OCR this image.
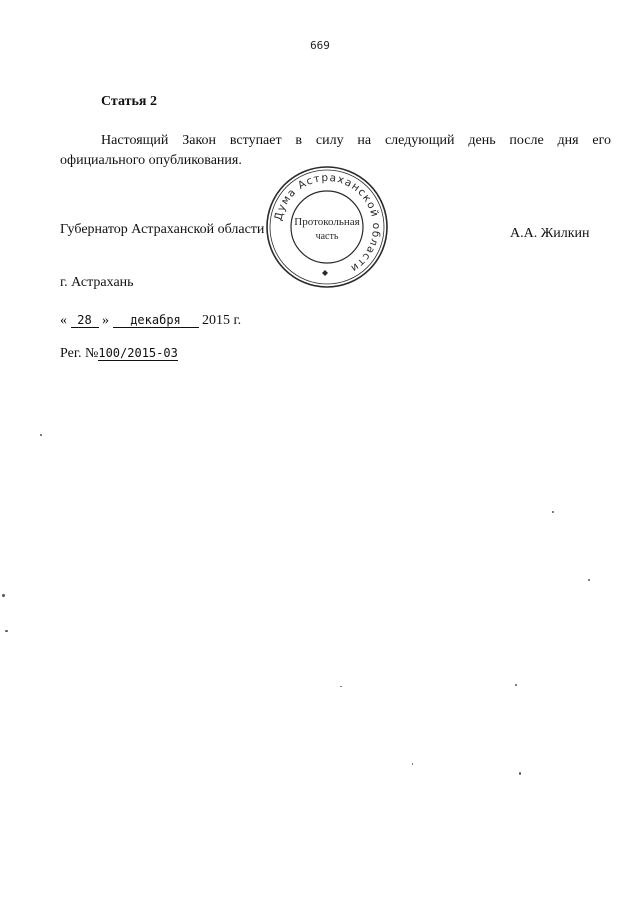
669
Статья 2
Настоящий Закон вступает в силу на следующий день после дня его
официального опубликования.
Губернатор Астраханской области
Дума Астраханской области
Протокольная
часть	А.А. Жилкин
г. Астрахань
« 28 » декабря 2015 г.
Рег. №100/2015-03
